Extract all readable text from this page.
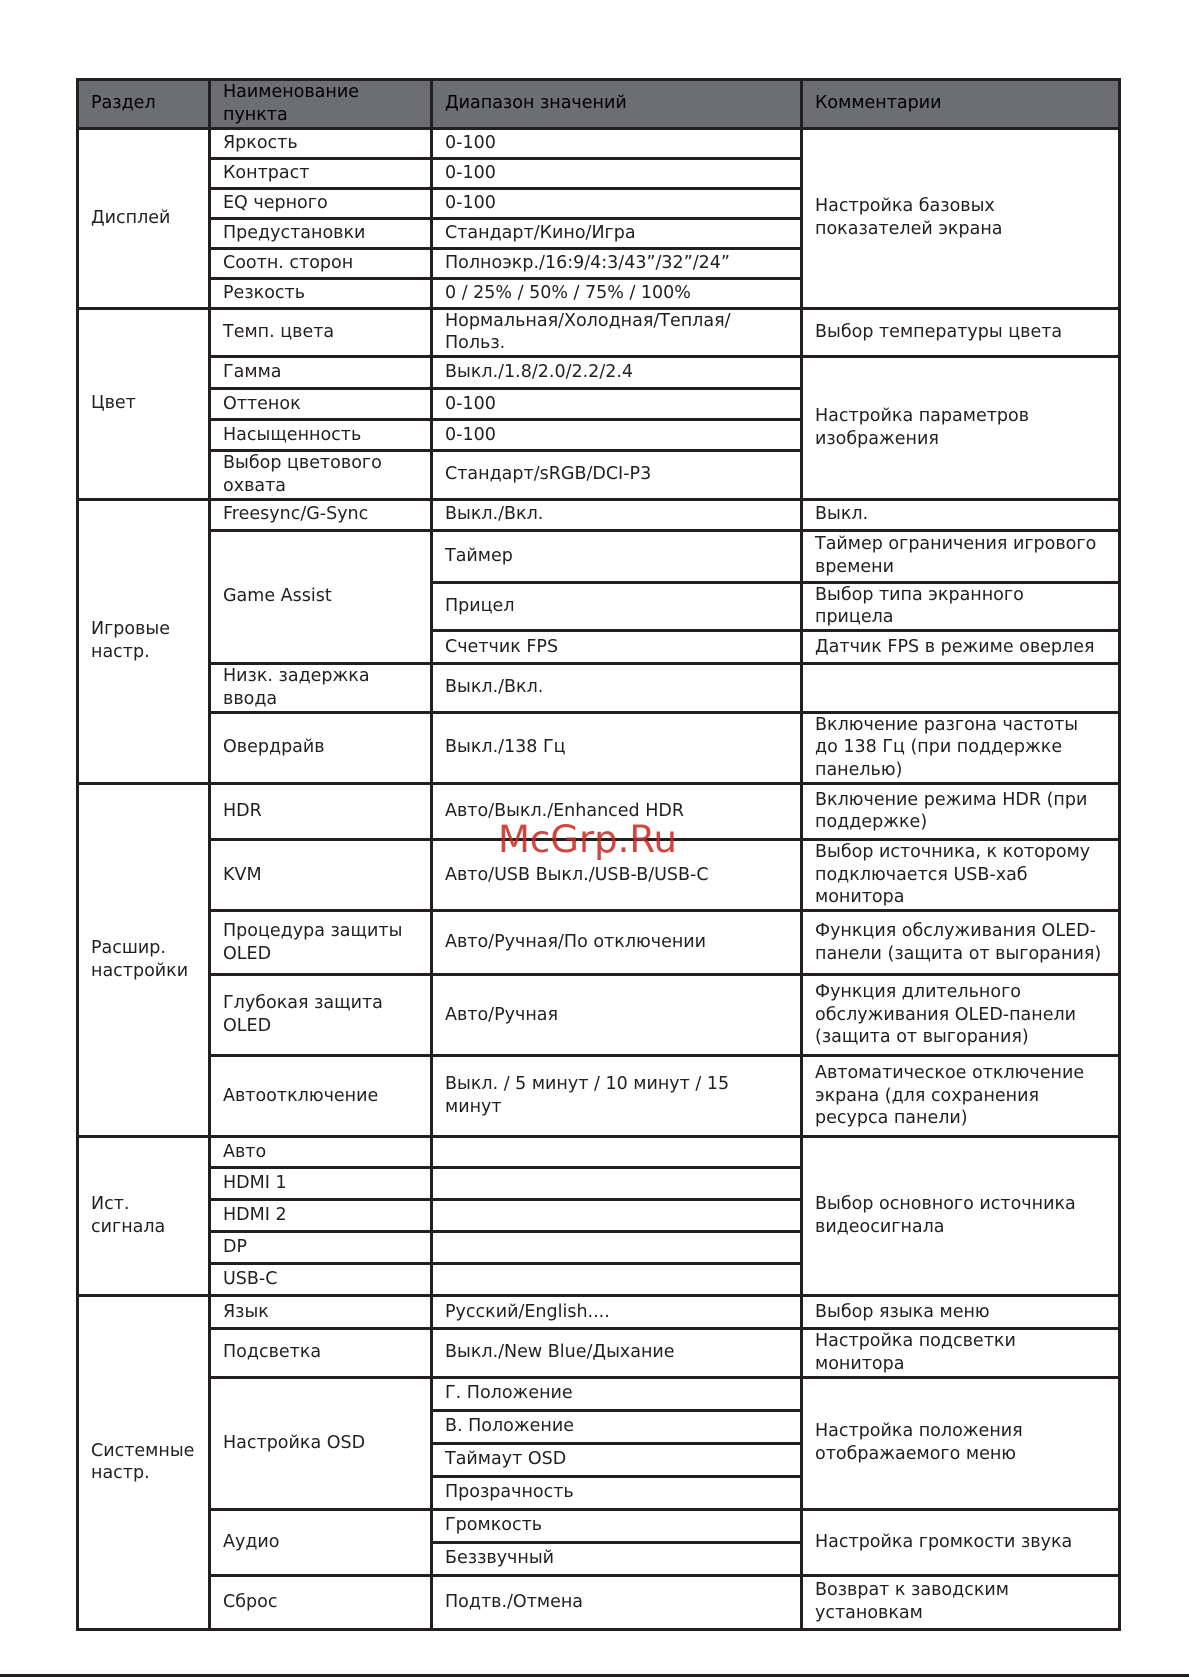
Раздел	Наименование пункта	Диапазон значений	Комментарии
Дисплей	Яркость	0-100	Настройка базовых показателей экрана
	Контраст	0-100	
	EQ черного	0-100	
	Предустановки	Стандарт/Кино/Игра	
	Соотн. сторон	Полноэкр./16:9/4:3/43”/32”/24”	
	Резкость	0 / 25% / 50% / 75% / 100%	
Цвет	Темп. цвета	Нормальная/Холодная/Теплая/Польз.	Выбор температуры цвета
	Гамма	Выкл./1.8/2.0/2.2/2.4	Настройка параметров изображения
	Оттенок	0-100	
	Насыщенность	0-100	
	Выбор цветового охвата	Стандарт/sRGB/DCI-P3	
Игровые настр.	Freesync/G-Sync	Выкл./Вкл.	Выкл.
	Game Assist	Таймер	Таймер ограничения игрового времени
		Прицел	Выбор типа экранного прицела
		Счетчик FPS	Датчик FPS в режиме оверлея
	Низк. задержка ввода	Выкл./Вкл.	
	Овердрайв	Выкл./138 Гц	Включение разгона частоты до 138 Гц (при поддержке панелью)
Расшир. настройки	HDR	Авто/Выкл./Enhanced HDR	Включение режима HDR (при поддержке)
	KVM	Авто/USB Выкл./USB-B/USB-C	Выбор источника, к которому подключается USB-хаб монитора
	Процедура защиты OLED	Авто/Ручная/По отключении	Функция обслуживания OLED-панели (защита от выгорания)
	Глубокая защита OLED	Авто/Ручная	Функция длительного обслуживания OLED-панели (защита от выгорания)
	Автоотключение	Выкл. / 5 минут / 10 минут / 15 минут	Автоматическое отключение экрана (для сохранения ресурса панели)
Ист. сигнала	Авто		Выбор основного источника видеосигнала
	HDMI 1		
	HDMI 2		
	DP		
	USB-C		
Системные настр.	Язык	Русский/English....	Выбор языка меню
	Подсветка	Выкл./New Blue/Дыхание	Настройка подсветки монитора
	Настройка OSD	Г. Положение	Настройка положения отображаемого меню
		В. Положение	
		Таймаут OSD	
		Прозрачность	
	Аудио	Громкость	Настройка громкости звука
		Беззвучный	
	Сброс	Подтв./Отмена	Возврат к заводским установкам
McGrp.Ru
